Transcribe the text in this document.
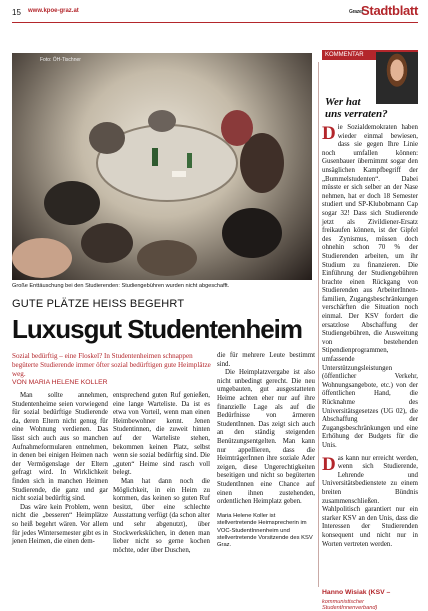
15 www.kpoe-graz.at	Grazer
Stadtblatt
Foto: ÖH-Tischner
Große Enttäuschung bei den Studierenden: Studiengebühren wurden nicht abgeschafft.
GUTE PLÄTZE HEISS BEGEHRT
Luxusgut Studentenheim
Sozial bedürftig – eine Floskel? In Studentenheimen schnappen begüterte Studierende immer öfter sozial bedürftigen gute Heimplätze weg.
VON MARIA HELENE KOLLER

Man sollte annehmen, Studentenheime seien vorwiegend für sozial bedürftige Studierende da, deren Eltern nicht genug für eine Wohnung verdienen. Das lässt sich auch aus so manchen Aufnahmeformularen entnehmen, in denen bei einigen Heimen nach der Vermögenslage der Eltern gefragt wird. In Wirklichkeit finden sich in manchen Heimen Studierende, die ganz und gar nicht sozial bedürftig sind.

Das wäre kein Problem, wenn nicht die „besseren“ Heimplätze so heiß begehrt wären. Vor allem für jedes Wintersemester gibt es in jenen Heimen, die einen dem-

entsprechend guten Ruf genießen, eine lange Warteliste. Da ist es etwa von Vorteil, wenn man einen Heimbewohner kennt. Jenen Studentinnen, die zuweit hinten auf der Warteliste stehen, bekommen keinen Platz, selbst wenn sie sozial bedürftig sind. Die „guten“ Heime sind rasch voll belegt.

Man hat dann noch die Möglichkeit, in ein Heim zu kommen, das keinen so guten Ruf besitzt, über eine schlechte Ausstattung verfügt (da schon alter und sehr abgenutzt), über Stockwerksküchen, in denen man lieber nicht so gerne kochen möchte, oder über Duschen,

die für mehrere Leute bestimmt sind.

Die Heimplatzvergabe ist also nicht unbedingt gerecht. Die neu umgebauten, gut ausgestatteten Heime achten eher nur auf ihre finanzielle Lage als auf die Bedürfnisse von ärmeren StudentInnen. Das zeigt sich auch an den ständig steigenden Benützungsentgelten. Man kann nur appellieren, dass die HeimträgerInnen ihre soziale Ader zeigen, diese Ungerechtigkeiten beseitigen und nicht so begüterten StudentInnen eine Chance auf einen ihnen zustehenden, ordentlichen Heimplatz geben.

Maria Helene Koller ist stellvertretende Heimsprecherin im VOC-StudentInnenheim und stellvertretende Vorsitzende des KSV Graz.

KOMMENTAR
Wer hat
uns verraten?

Die Sozialdemokraten haben wieder einmal bewiesen, dass sie gegen Ihre Linie noch umfallen können: Gusenbauer übernimmt sogar den unsäglichen Kampfbegriff der „Bummelstudenten“. Dabei müsste er sich selber an der Nase nehmen, hat er doch 18 Semester studiert und SP-Klubobmann Cap sogar 32! Dass sich Studierende jetzt als Zivildiener-Ersatz freikaufen können, ist der Gipfel des Zynismus, müssen doch ohnehin schon 70 % der Studierenden arbeiten, um ihr Studium zu finanzieren. Die Einführung der Studiengebühren brachte einen Rückgang von Studierenden aus ArbeiterInnen-familien, Zugangsbeschränkungen verschärften die Situation noch einmal. Der KSV fordert die ersatzlose Abschaffung der Studiengebühren, die Ausweitung von bestehenden Stipendienprogrammen, umfassende Unterstützungsleistungen (öffentlicher Verkehr, Wohnungsangebote, etc.) von der öffentlichen Hand, die Rücknahme des Universitätsgesetzes (UG 02), die Abschaffung der Zugangsbeschränkungen und eine Erhöhung der Budgets für die Unis.

Das kann nur erreicht werden, wenn sich Studierende, Lehrende und Universitätsbedienstete zu einem breiten Bündnis zusammenschließen. Wahlpolitisch garantiert nur ein starker KSV an den Unis, dass die Interessen der Studierenden konsequent und nicht nur in Worten vertreten werden.

Hanno Wisiak (KSV –
kommunistischer StudentInnenverband)
